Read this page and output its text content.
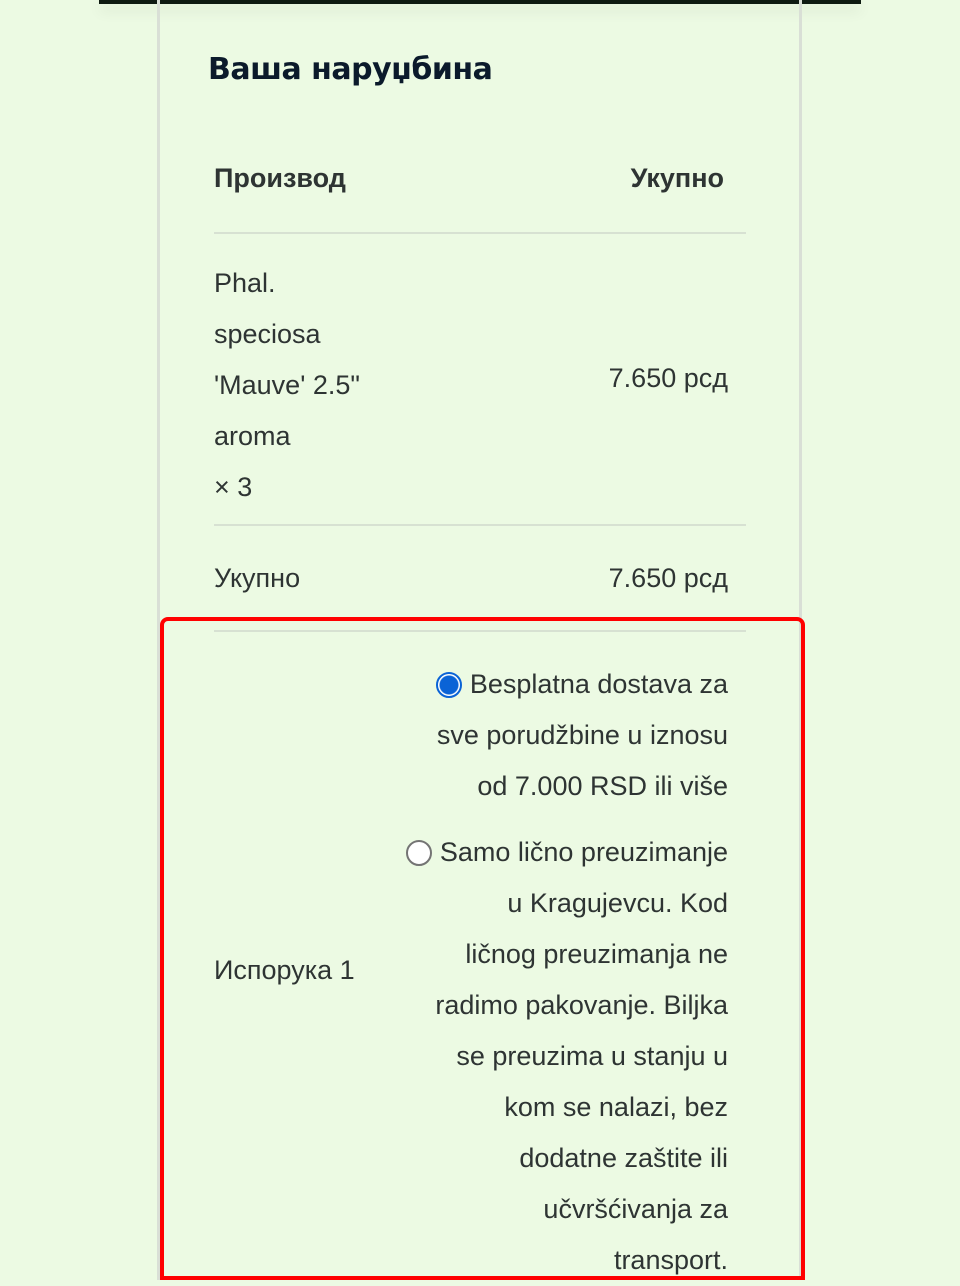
Ваша наруџбина
Производ	Укупно
Phal.
speciosa
'Mauve' 2.5"
aroma
× 3
7.650 рсд
Укупно	7.650 рсд
Испорука 1
Besplatna dostava za
sve porudžbine u iznosu
od 7.000 RSD ili više
Samo lično preuzimanje
u Kragujevcu. Kod
ličnog preuzimanja ne
radimo pakovanje. Biljka
se preuzima u stanju u
kom se nalazi, bez
dodatne zaštite ili
učvršćivanja za
transport.
